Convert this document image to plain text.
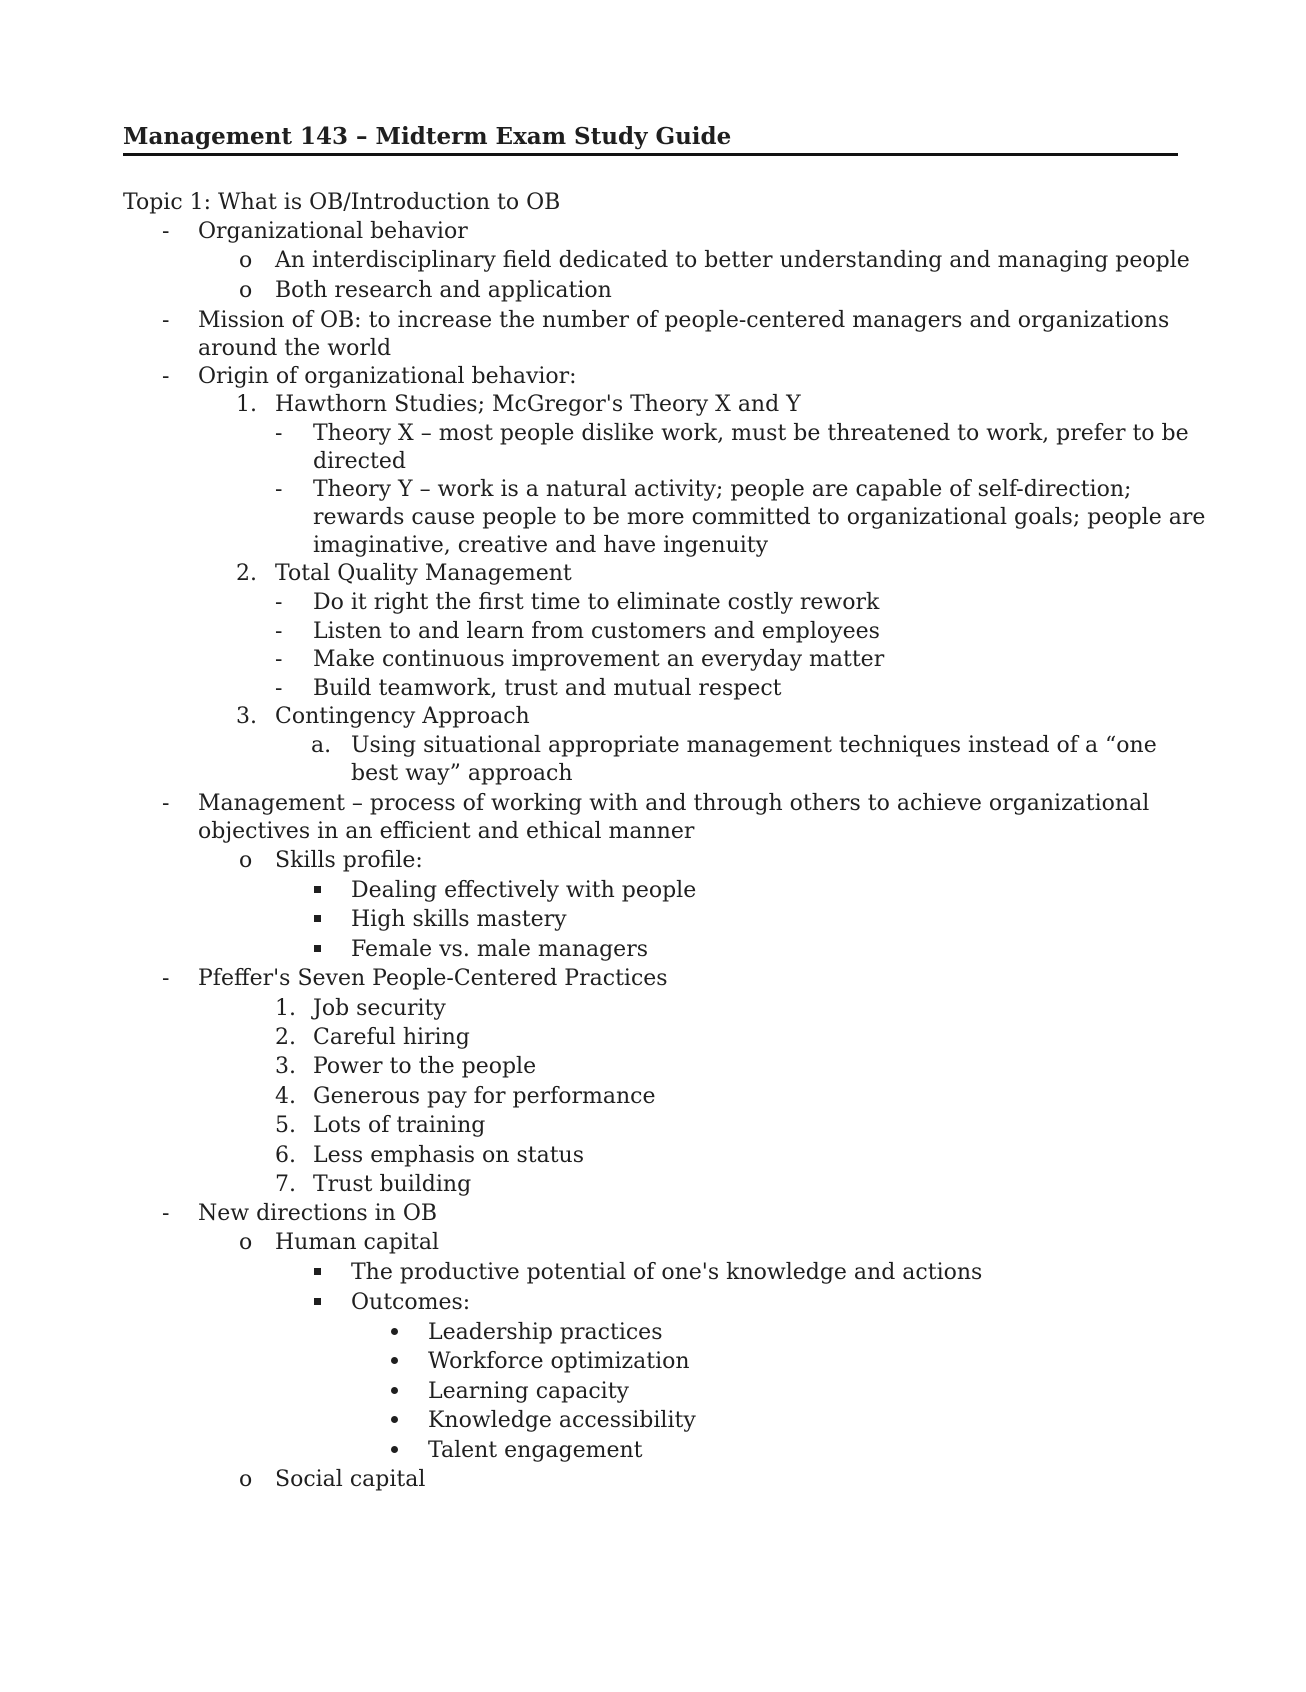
Management 143 – Midterm Exam Study Guide
Topic 1: What is OB/Introduction to OB
- Organizational behavior
o An interdisciplinary field dedicated to better understanding and managing people
o Both research and application
- Mission of OB: to increase the number of people-centered managers and organizations
around the world
- Origin of organizational behavior:
1. Hawthorn Studies; McGregor's Theory X and Y
- Theory X – most people dislike work, must be threatened to work, prefer to be
directed
- Theory Y – work is a natural activity; people are capable of self-direction;
rewards cause people to be more committed to organizational goals; people are
imaginative, creative and have ingenuity
2. Total Quality Management
- Do it right the first time to eliminate costly rework
- Listen to and learn from customers and employees
- Make continuous improvement an everyday matter
- Build teamwork, trust and mutual respect
3. Contingency Approach
a. Using situational appropriate management techniques instead of a “one
best way” approach
- Management – process of working with and through others to achieve organizational
objectives in an efficient and ethical manner
o Skills profile:
Dealing effectively with people
High skills mastery
Female vs. male managers
- Pfeffer's Seven People-Centered Practices
1. Job security
2. Careful hiring
3. Power to the people
4. Generous pay for performance
5. Lots of training
6. Less emphasis on status
7. Trust building
- New directions in OB
o Human capital
The productive potential of one's knowledge and actions
Outcomes:
Leadership practices
Workforce optimization
Learning capacity
Knowledge accessibility
Talent engagement
o Social capital
